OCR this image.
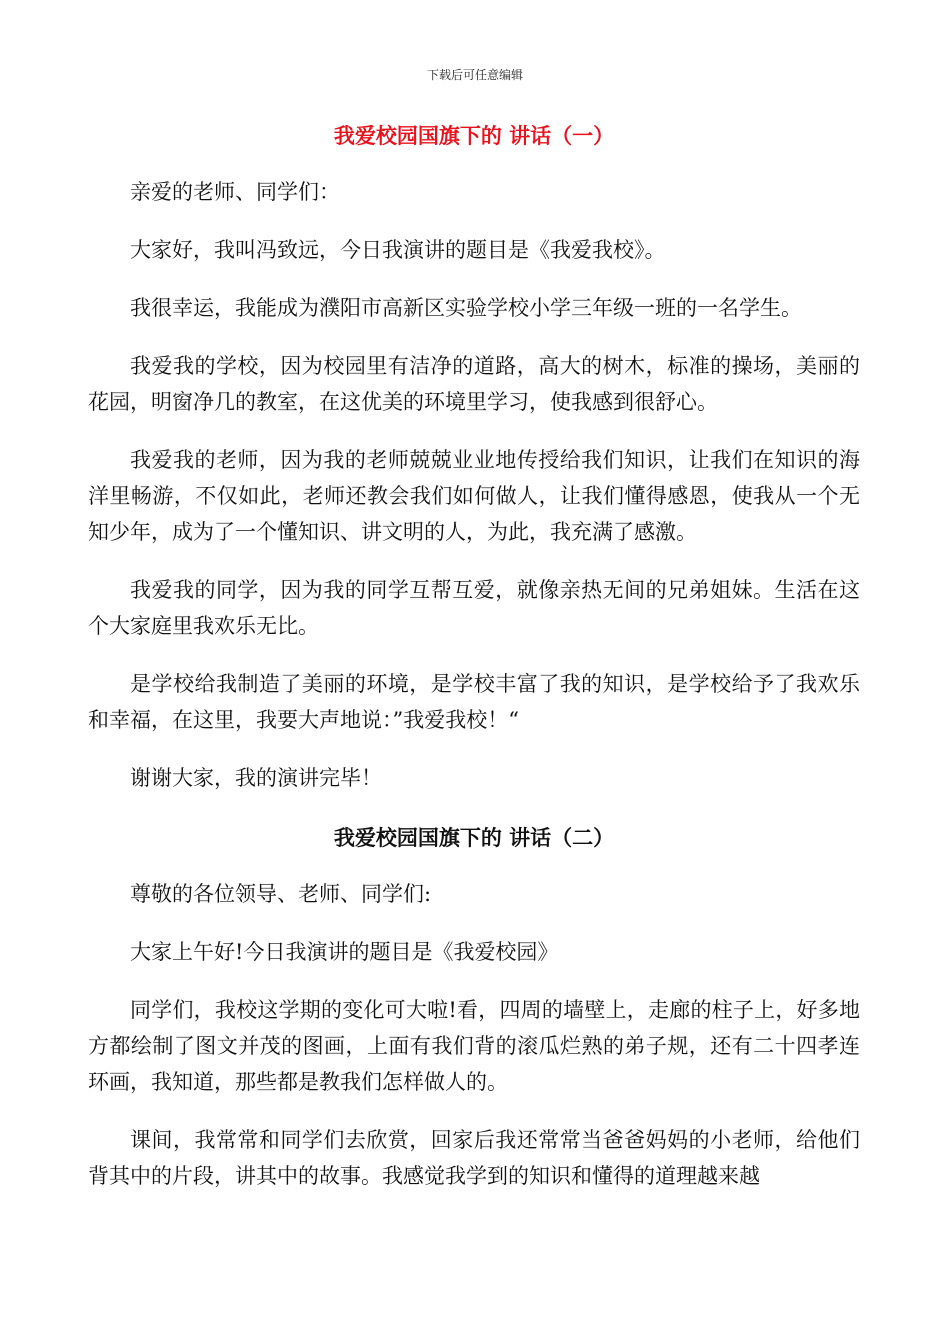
下载后可任意编辑
我爱校园国旗下的 讲话（一）

亲爱的老师、同学们：

大家好，我叫冯致远，今日我演讲的题目是《我爱我校》。

我很幸运，我能成为濮阳市高新区实验学校小学三年级一班的一名学生。

我爱我的学校，因为校园里有洁净的道路，高大的树木，标准的操场，美丽的花园，明窗净几的教室，在这优美的环境里学习，使我感到很舒心。

我爱我的老师，因为我的老师兢兢业业地传授给我们知识，让我们在知识的海洋里畅游，不仅如此，老师还教会我们如何做人，让我们懂得感恩，使我从一个无知少年，成为了一个懂知识、讲文明的人，为此，我充满了感激。

我爱我的同学，因为我的同学互帮互爱，就像亲热无间的兄弟姐妹。生活在这个大家庭里我欢乐无比。

是学校给我制造了美丽的环境，是学校丰富了我的知识，是学校给予了我欢乐和幸福，在这里，我要大声地说：”我爱我校！“

谢谢大家，我的演讲完毕！

我爱校园国旗下的 讲话（二）

尊敬的各位领导、老师、同学们:

大家上午好!今日我演讲的题目是《我爱校园》

同学们，我校这学期的变化可大啦!看，四周的墙壁上，走廊的柱子上，好多地方都绘制了图文并茂的图画，上面有我们背的滚瓜烂熟的弟子规，还有二十四孝连环画，我知道，那些都是教我们怎样做人的。

课间，我常常和同学们去欣赏，回家后我还常常当爸爸妈妈的小老师，给他们背其中的片段，讲其中的故事。我感觉我学到的知识和懂得的道理越来越
